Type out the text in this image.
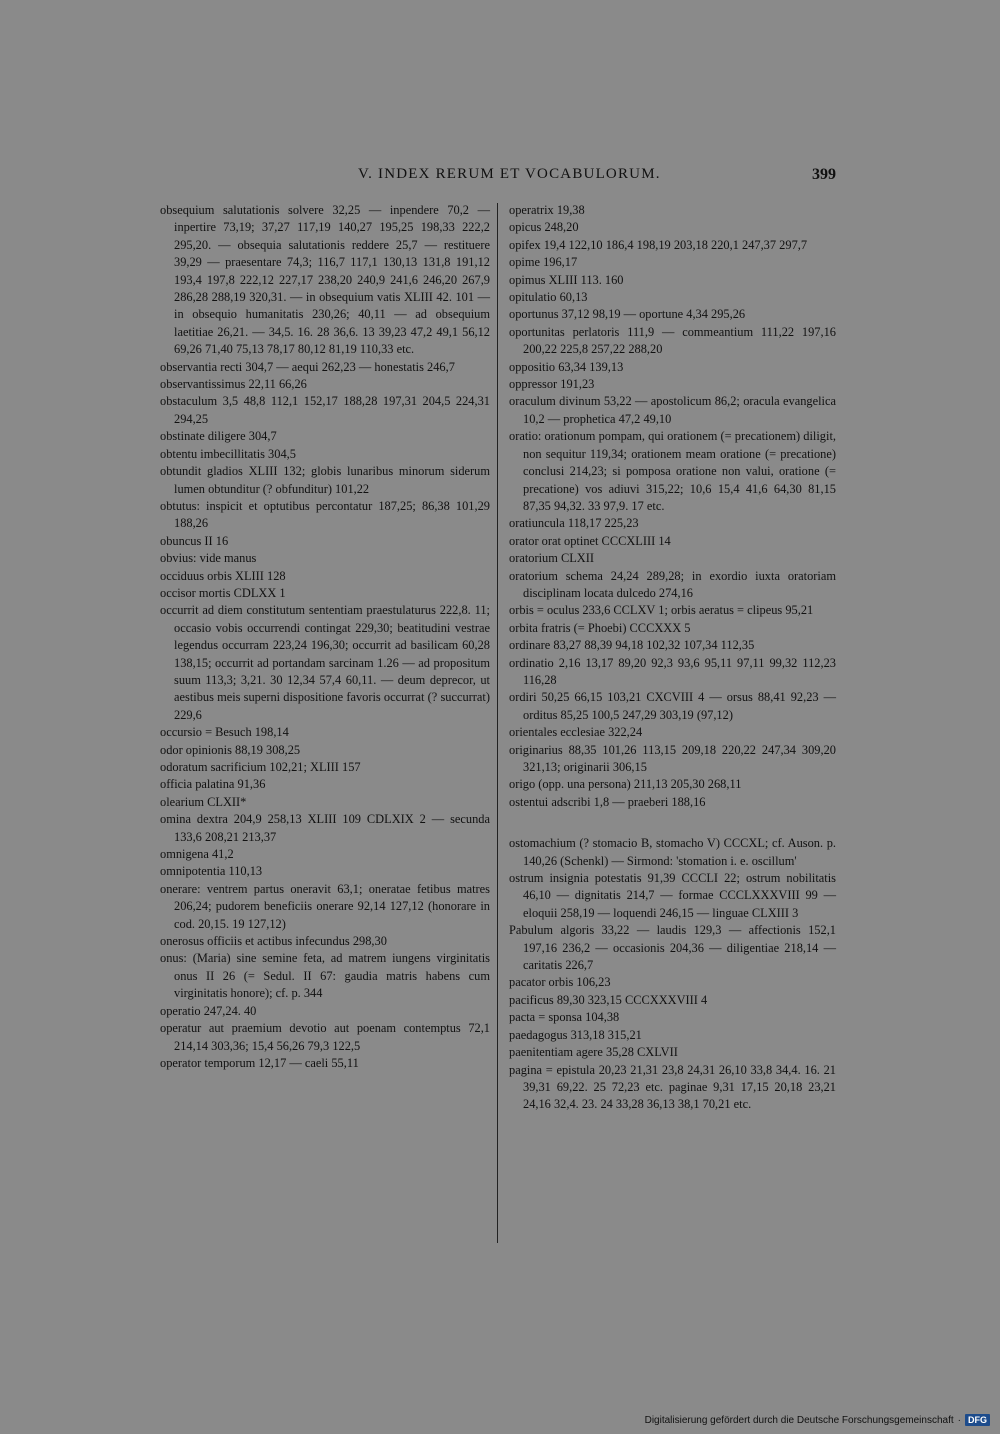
V. INDEX RERUM ET VOCABULORUM.	399
obsequium salutationis solvere 32,25 — inpendere 70,2 — inpertire 73,19; 37,27 117,19 140,27 195,25 198,33 222,2 295,20. — obsequia salutationis reddere 25,7 — restituere 39,29 — praesentare 74,3; 116,7 117,1 130,13 131,8 191,12 193,4 197,8 222,12 227,17 238,20 240,9 241,6 246,20 267,9 286,28 288,19 320,31. — in obsequium vatis XLIII 42. 101 — in obsequio humanitatis 230,26; 40,11 — ad obsequium laetitiae 26,21. — 34,5. 16. 28 36,6. 13 39,23 47,2 49,1 56,12 69,26 71,40 75,13 78,17 80,12 81,19 110,33 etc.
observantia recti 304,7 — aequi 262,23 — honestatis 246,7
observantissimus 22,11 66,26
obstaculum 3,5 48,8 112,1 152,17 188,28 197,31 204,5 224,31 294,25
obstinate diligere 304,7
obtentu imbecillitatis 304,5
obtundit gladios XLIII 132; globis lunaribus minorum siderum lumen obtunditur (? obfunditur) 101,22
obtutus: inspicit et optutibus percontatur 187,25; 86,38 101,29 188,26
obuncus II 16
obvius: vide manus
occiduus orbis XLIII 128
occisor mortis CDLXX 1
occurrit ad diem constitutum sententiam praestulaturus 222,8. 11; occasio vobis occurrendi contingat 229,30; beatitudini vestrae legendus occurram 223,24 196,30; occurrit ad basilicam 60,28 138,15; occurrit ad portandam sarcinam 1.26 — ad propositum suum 113,3; 3,21. 30 12,34 57,4 60,11. — deum deprecor, ut aestibus meis superni dispositione favoris occurrat (? succurrat) 229,6
occursio = Besuch 198,14
odor opinionis 88,19 308,25
odoratum sacrificium 102,21; XLIII 157
officia palatina 91,36
olearium CLXII*
omina dextra 204,9 258,13 XLIII 109 CDLXIX 2 — secunda 133,6 208,21 213,37
omnigena 41,2
omnipotentia 110,13
onerare: ventrem partus oneravit 63,1; oneratae fetibus matres 206,24; pudorem beneficiis onerare 92,14 127,12 (honorare in cod. 20,15. 19 127,12)
onerosus officiis et actibus infecundus 298,30
onus: (Maria) sine semine feta, ad matrem iungens virginitatis onus II 26 (= Sedul. II 67: gaudia matris habens cum virginitatis honore); cf. p. 344
operatio 247,24. 40
operatur aut praemium devotio aut poenam contemptus 72,1 214,14 303,36; 15,4 56,26 79,3 122,5
operator temporum 12,17 — caeli 55,11
operatrix 19,38
opicus 248,20
opifex 19,4 122,10 186,4 198,19 203,18 220,1 247,37 297,7
opime 196,17
opimus XLIII 113. 160
opitulatio 60,13
oportunus 37,12 98,19 — oportune 4,34 295,26
oportunitas perlatoris 111,9 — commeantium 111,22 197,16 200,22 225,8 257,22 288,20
oppositio 63,34 139,13
oppressor 191,23
oraculum divinum 53,22 — apostolicum 86,2; oracula evangelica 10,2 — prophetica 47,2 49,10
oratio: orationum pompam, qui orationem (= precationem) diligit, non sequitur 119,34; orationem meam oratione (= precatione) conclusi 214,23; si pomposa oratione non valui, oratione (= precatione) vos adiuvi 315,22; 10,6 15,4 41,6 64,30 81,15 87,35 94,32. 33 97,9. 17 etc.
oratiuncula 118,17 225,23
orator orat optinet CCCXLIII 14
oratorium CLXII
oratorium schema 24,24 289,28; in exordio iuxta oratoriam disciplinam locata dulcedo 274,16
orbis = oculus 233,6 CCLXV 1; orbis aeratus = clipeus 95,21
orbita fratris (= Phoebi) CCCXXX 5
ordinare 83,27 88,39 94,18 102,32 107,34 112,35
ordinatio 2,16 13,17 89,20 92,3 93,6 95,11 97,11 99,32 112,23 116,28
ordiri 50,25 66,15 103,21 CXCVIII 4 — orsus 88,41 92,23 — orditus 85,25 100,5 247,29 303,19 (97,12)
orientales ecclesiae 322,24
originarius 88,35 101,26 113,15 209,18 220,22 247,34 309,20 321,13; originarii 306,15
origo (opp. una persona) 211,13 205,30 268,11
ostentui adscribi 1,8 — praeberi 188,16
ostomachium (? stomacio B, stomacho V) CCCXL; cf. Auson. p. 140,26 (Schenkl) — Sirmond: 'stomation i. e. oscillum'
ostrum insignia potestatis 91,39 CCCLI 22; ostrum nobilitatis 46,10 — dignitatis 214,7 — formae CCCLXXXVIII 99 — eloquii 258,19 — loquendi 246,15 — linguae CLXIII 3
Pabulum algoris 33,22 — laudis 129,3 — affectionis 152,1 197,16 236,2 — occasionis 204,36 — diligentiae 218,14 — caritatis 226,7
pacator orbis 106,23
pacificus 89,30 323,15 CCCXXXVIII 4
pacta = sponsa 104,38
paedagogus 313,18 315,21
paenitentiam agere 35,28 CXLVII
pagina = epistula 20,23 21,31 23,8 24,31 26,10 33,8 34,4. 16. 21 39,31 69,22. 25 72,23 etc. paginae 9,31 17,15 20,18 23,21 24,16 32,4. 23. 24 33,28 36,13 38,1 70,21 etc.
Digitalisierung gefördert durch die Deutsche Forschungsgemeinschaft · DFG
